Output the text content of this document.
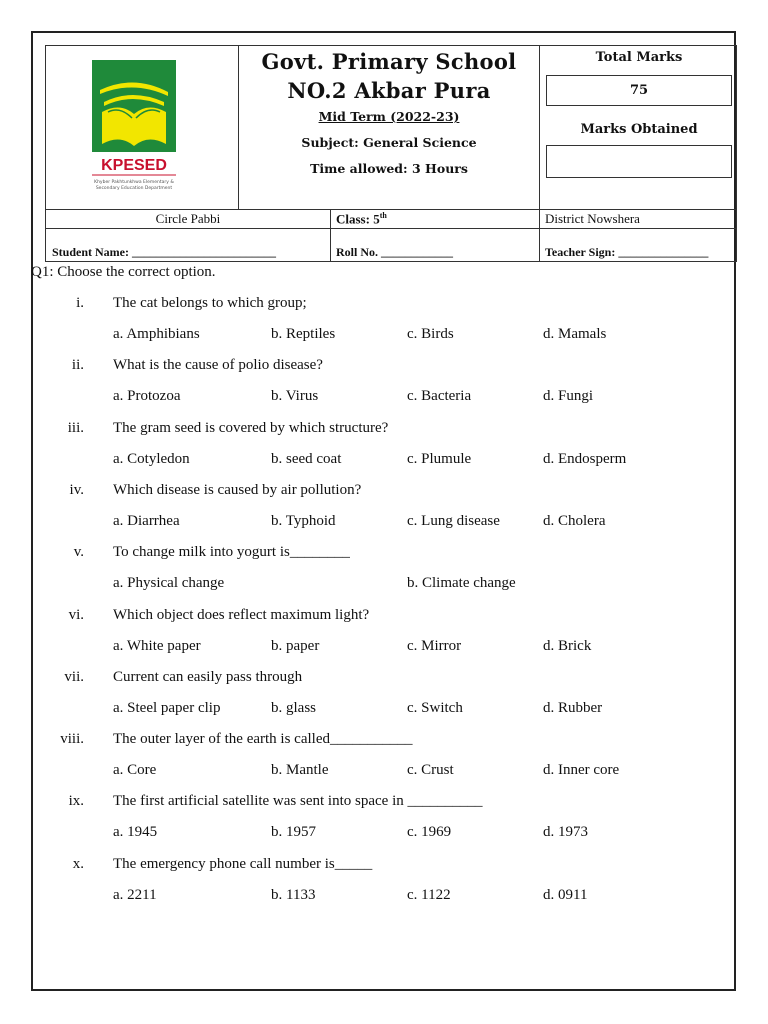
KPESED
Khyber Pakhtunkhwa Elementary &
Secondary Education Department
Govt. Primary School
NO.2 Akbar Pura
Mid Term (2022-23)
Subject: General Science
Time allowed: 3 Hours
Total Marks
75
Marks Obtained
Circle Pabbi	Class: 5th	District Nowshera
Student Name: ________________________	Roll No. ____________	Teacher Sign: _______________
Q1: Choose the correct option.
i. The cat belongs to which group;
a. Amphibians	b. Reptiles	c. Birds	d. Mamals
ii. What is the cause of polio disease?
a. Protozoa	b. Virus	c. Bacteria	d. Fungi
iii. The gram seed is covered by which structure?
a. Cotyledon	b. seed coat	c. Plumule	d. Endosperm
iv. Which disease is caused by air pollution?
a. Diarrhea	b. Typhoid	c. Lung disease	d. Cholera
v. To change milk into yogurt is________
a. Physical change	b. Climate change
vi. Which object does reflect maximum light?
a. White paper	b. paper	c. Mirror	d. Brick
vii. Current can easily pass through
a. Steel paper clip	b. glass	c. Switch	d. Rubber
viii. The outer layer of the earth is called___________
a. Core	b. Mantle	c. Crust	d. Inner core
ix. The first artificial satellite was sent into space in __________
a. 1945	b. 1957	c. 1969	d. 1973
x. The emergency phone call number is_____
a. 2211	b. 1133	c. 1122	d. 0911
